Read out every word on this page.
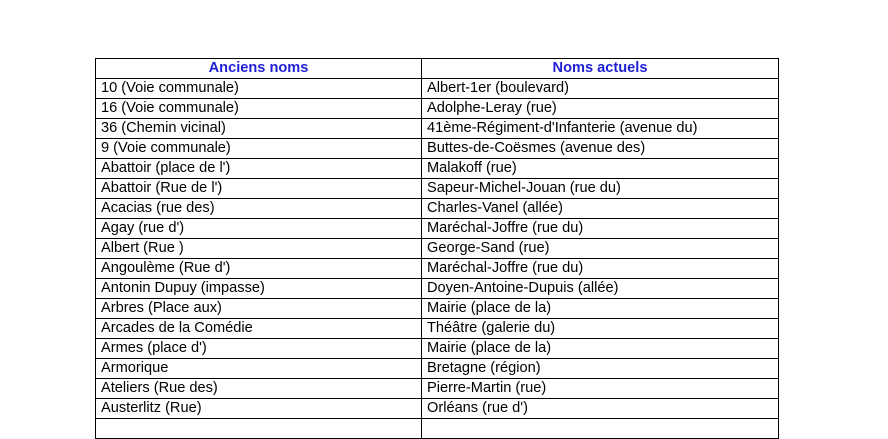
Anciens noms	Noms actuels
10 (Voie communale)	Albert-1er (boulevard)
16 (Voie communale)	Adolphe-Leray (rue)
36 (Chemin vicinal)	41ème-Régiment-d'Infanterie (avenue du)
9 (Voie communale)	Buttes-de-Coësmes (avenue des)
Abattoir (place de l')	Malakoff (rue)
Abattoir (Rue de l')	Sapeur-Michel-Jouan (rue du)
Acacias (rue des)	Charles-Vanel (allée)
Agay (rue d')	Maréchal-Joffre (rue du)
Albert (Rue )	George-Sand (rue)
Angoulème (Rue d')	Maréchal-Joffre (rue du)
Antonin Dupuy (impasse)	Doyen-Antoine-Dupuis (allée)
Arbres (Place aux)	Mairie (place de la)
Arcades de la Comédie	Théâtre (galerie du)
Armes (place d')	Mairie (place de la)
Armorique	Bretagne (région)
Ateliers (Rue des)	Pierre-Martin (rue)
Austerlitz (Rue)	Orléans (rue d')
